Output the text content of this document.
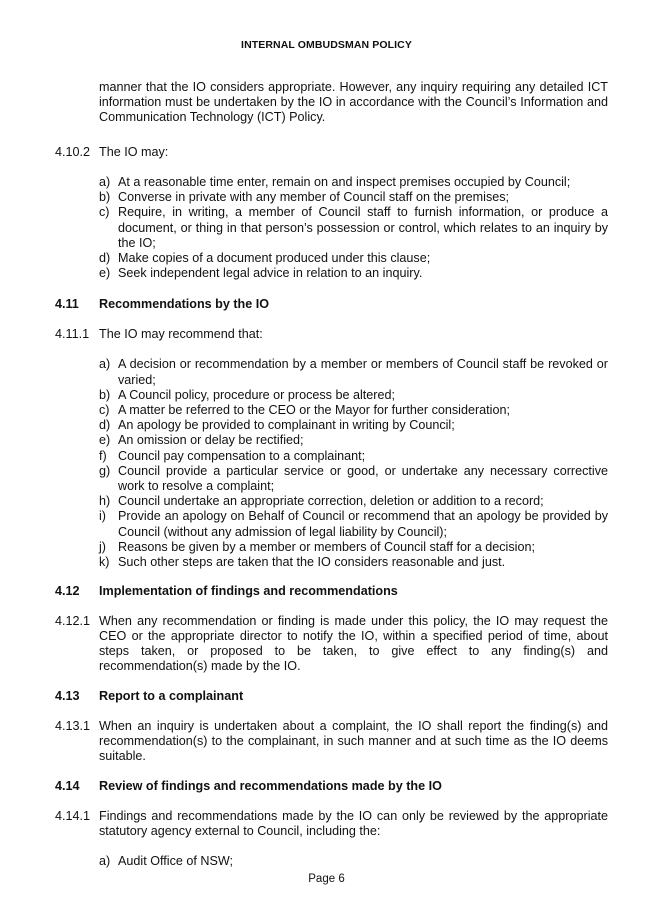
INTERNAL OMBUDSMAN POLICY
manner that the IO considers appropriate. However, any inquiry requiring any detailed ICT information must be undertaken by the IO in accordance with the Council’s Information and Communication Technology (ICT) Policy.
4.10.2 The IO may:
a) At a reasonable time enter, remain on and inspect premises occupied by Council;
b) Converse in private with any member of Council staff on the premises;
c) Require, in writing, a member of Council staff to furnish information, or produce a document, or thing in that person’s possession or control, which relates to an inquiry by the IO;
d) Make copies of a document produced under this clause;
e) Seek independent legal advice in relation to an inquiry.
4.11	Recommendations by the IO
4.11.1 The IO may recommend that:
a) A decision or recommendation by a member or members of Council staff be revoked or varied;
b) A Council policy, procedure or process be altered;
c) A matter be referred to the CEO or the Mayor for further consideration;
d) An apology be provided to complainant in writing by Council;
e) An omission or delay be rectified;
f) Council pay compensation to a complainant;
g) Council provide a particular service or good, or undertake any necessary corrective work to resolve a complaint;
h) Council undertake an appropriate correction, deletion or addition to a record;
i) Provide an apology on Behalf of Council or recommend that an apology be provided by Council (without any admission of legal liability by Council);
j) Reasons be given by a member or members of Council staff for a decision;
k) Such other steps are taken that the IO considers reasonable and just.
4.12	Implementation of findings and recommendations
4.12.1 When any recommendation or finding is made under this policy, the IO may request the CEO or the appropriate director to notify the IO, within a specified period of time, about steps taken, or proposed to be taken, to give effect to any finding(s) and recommendation(s) made by the IO.
4.13	Report to a complainant
4.13.1 When an inquiry is undertaken about a complaint, the IO shall report the finding(s) and recommendation(s) to the complainant, in such manner and at such time as the IO deems suitable.
4.14	Review of findings and recommendations made by the IO
4.14.1 Findings and recommendations made by the IO can only be reviewed by the appropriate statutory agency external to Council, including the:
a) Audit Office of NSW;
Page 6
